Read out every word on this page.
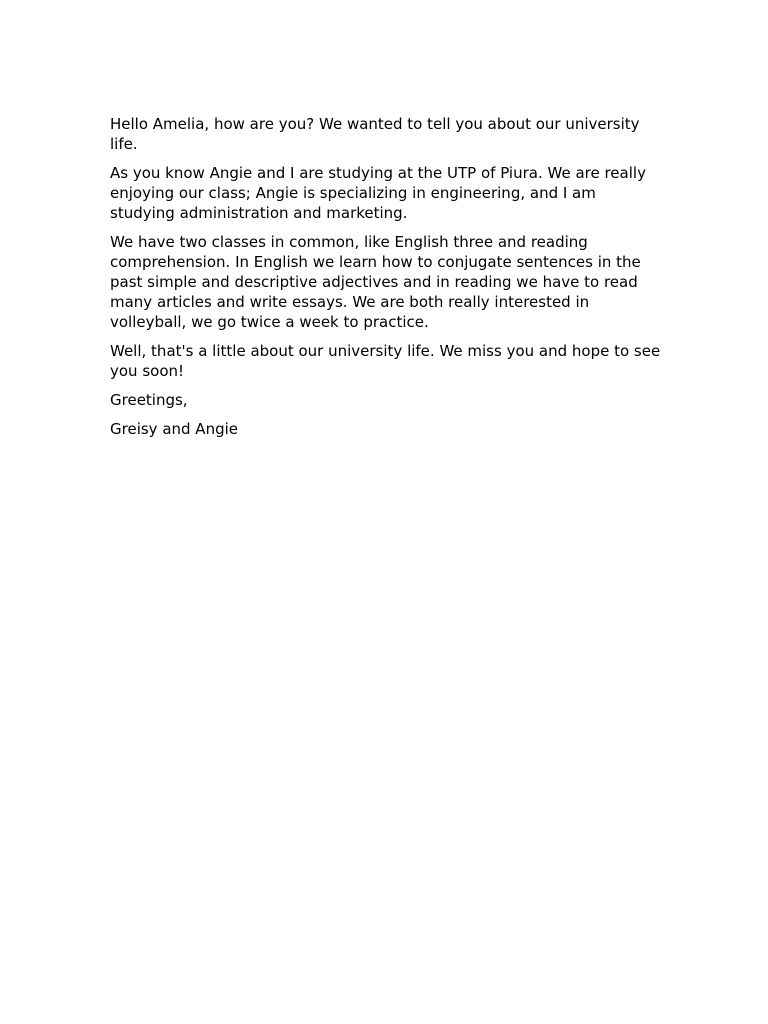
Hello Amelia, how are you? We wanted to tell you about our university life.

As you know Angie and I are studying at the UTP of Piura. We are really enjoying our class; Angie is specializing in engineering, and I am studying administration and marketing.

We have two classes in common, like English three and reading comprehension. In English we learn how to conjugate sentences in the past simple and descriptive adjectives and in reading we have to read many articles and write essays. We are both really interested in volleyball, we go twice a week to practice.

Well, that's a little about our university life. We miss you and hope to see you soon!

Greetings,

Greisy and Angie
